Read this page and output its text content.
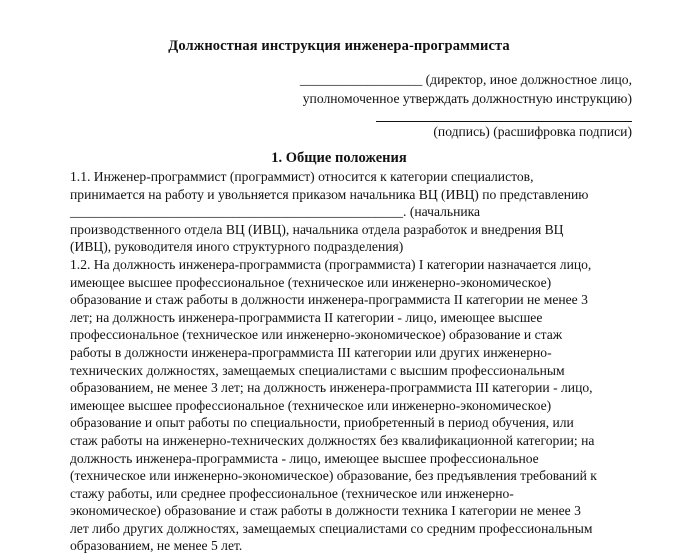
Должностная инструкция инженера-программиста
__________________ (директор, иное должностное лицо,
уполномоченное утверждать должностную инструкцию)
(подпись) (расшифровка подписи)
1. Общие положения
1.1. Инженер-программист (программист) относится к категории специалистов,
принимается на работу и увольняется приказом начальника ВЦ (ИВЦ) по представлению
_________________________________________________. (начальника
производственного отдела ВЦ (ИВЦ), начальника отдела разработок и внедрения ВЦ
(ИВЦ), руководителя иного структурного подразделения)
1.2. На должность инженера-программиста (программиста) I категории назначается лицо,
имеющее высшее профессиональное (техническое или инженерно-экономическое)
образование и стаж работы в должности инженера-программиста II категории не менее 3
лет; на должность инженера-программиста II категории - лицо, имеющее высшее
профессиональное (техническое или инженерно-экономическое) образование и стаж
работы в должности инженера-программиста III категории или других инженерно-
технических должностях, замещаемых специалистами с высшим профессиональным
образованием, не менее 3 лет; на должность инженера-программиста III категории - лицо,
имеющее высшее профессиональное (техническое или инженерно-экономическое)
образование и опыт работы по специальности, приобретенный в период обучения, или
стаж работы на инженерно-технических должностях без квалификационной категории; на
должность инженера-программиста - лицо, имеющее высшее профессиональное
(техническое или инженерно-экономическое) образование, без предъявления требований к
стажу работы, или среднее профессиональное (техническое или инженерно-
экономическое) образование и стаж работы в должности техника I категории не менее 3
лет либо других должностях, замещаемых специалистами со средним профессиональным
образованием, не менее 5 лет.
